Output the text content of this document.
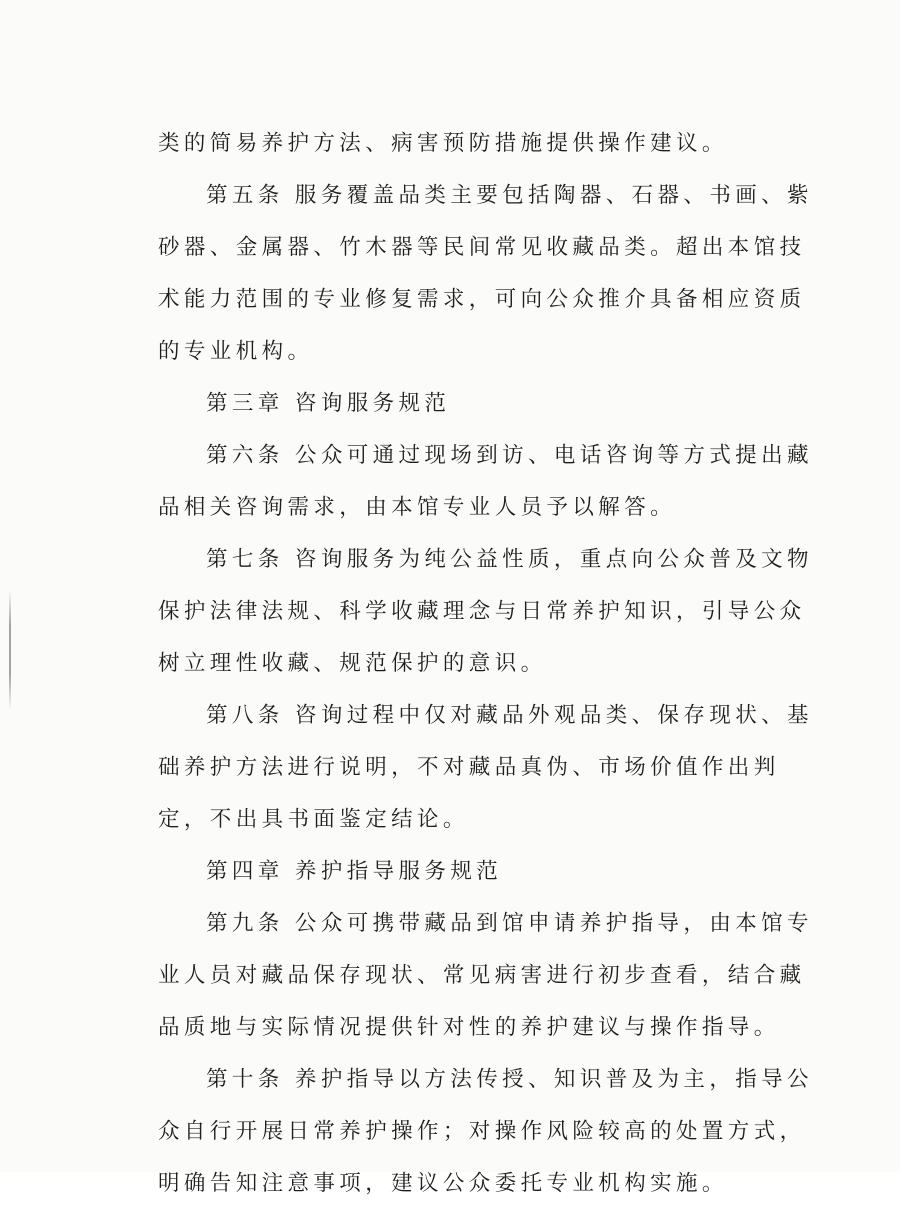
类的简易养护方法、病害预防措施提供操作建议。
第五条 服务覆盖品类主要包括陶器、石器、书画、紫
砂器、金属器、竹木器等民间常见收藏品类。超出本馆技
术能力范围的专业修复需求，可向公众推介具备相应资质
的专业机构。
第三章 咨询服务规范
第六条 公众可通过现场到访、电话咨询等方式提出藏
品相关咨询需求，由本馆专业人员予以解答。
第七条 咨询服务为纯公益性质，重点向公众普及文物
保护法律法规、科学收藏理念与日常养护知识，引导公众
树立理性收藏、规范保护的意识。
第八条 咨询过程中仅对藏品外观品类、保存现状、基
础养护方法进行说明，不对藏品真伪、市场价值作出判
定，不出具书面鉴定结论。
第四章 养护指导服务规范
第九条 公众可携带藏品到馆申请养护指导，由本馆专
业人员对藏品保存现状、常见病害进行初步查看，结合藏
品质地与实际情况提供针对性的养护建议与操作指导。
第十条 养护指导以方法传授、知识普及为主，指导公
众自行开展日常养护操作；对操作风险较高的处置方式，
明确告知注意事项，建议公众委托专业机构实施。
